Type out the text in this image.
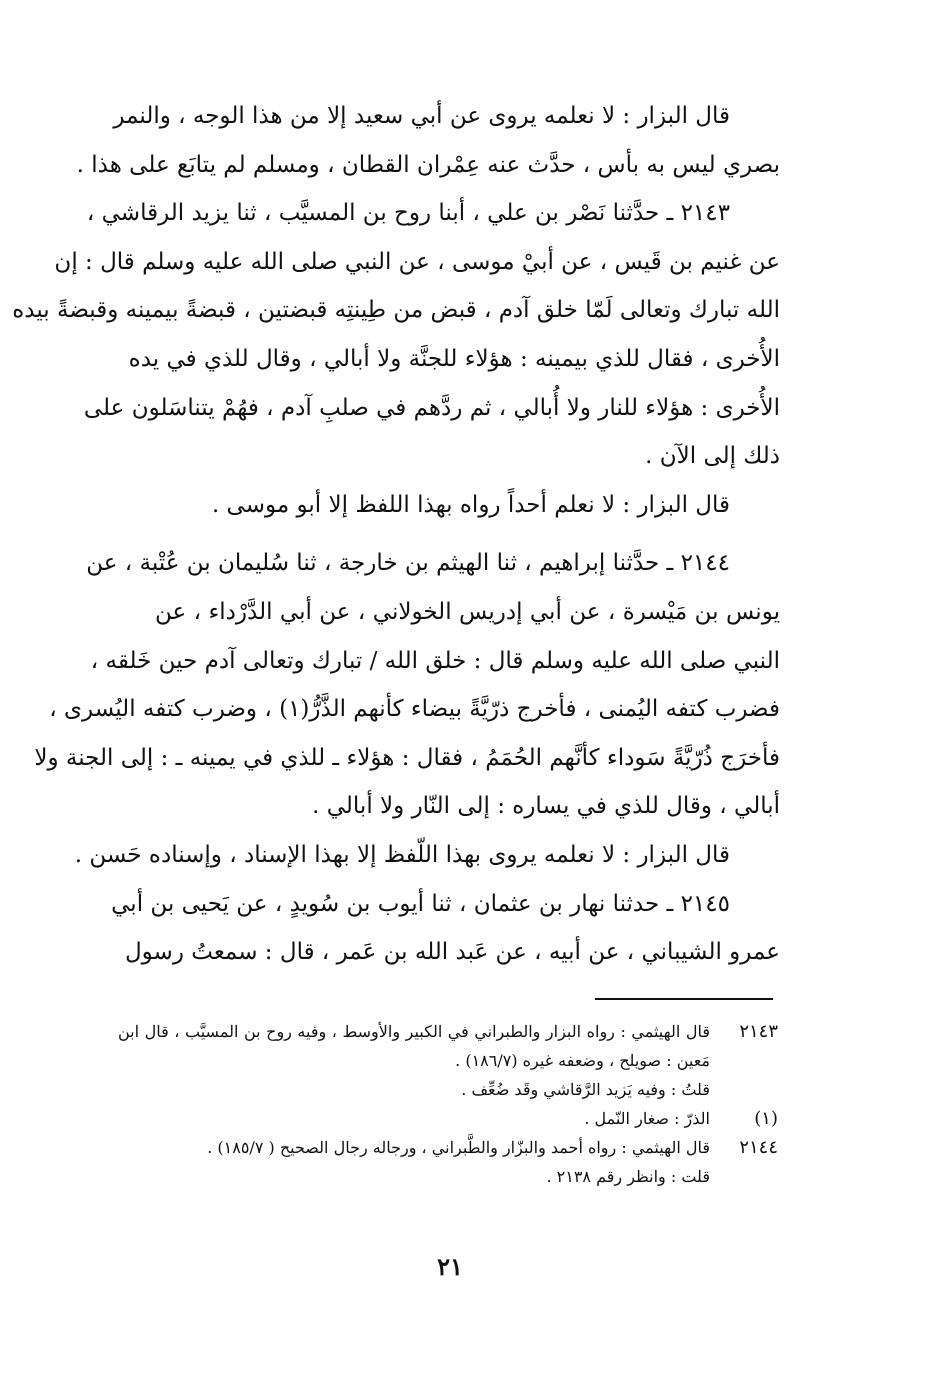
قال البزار : لا نعلمه يروى عن أبي سعيد إلا من هذا الوجه ، والنمر
بصري ليس به بأس ، حدَّث عنه عِمْران القطان ، ومسلم لم يتابَع على هذا .
٢١٤٣ ـ حدَّثنا نَصْر بن علي ، أبنا روح بن المسيَّب ، ثنا يزيد الرقاشي ،
عن غنيم بن قَيس ، عن أبيْ موسى ، عن النبي صلى الله عليه وسلم قال : إن
الله تبارك وتعالى لَمّا خلق آدم ، قبض من طِينتِه قبضتين ، قبضةً بيمينه وقبضةً بيده
الأُخرى ، فقال للذي بيمينه : هؤلاء للجنَّة ولا أبالي ، وقال للذي في يده
الأُخرى : هؤلاء للنار ولا أُبالي ، ثم ردَّهم في صلبِ آدم ، فهُمْ يتناسَلون على
ذلك إلى الآن .
قال البزار : لا نعلم أحداً رواه بهذا اللفظ إلا أبو موسى .
٢١٤٤ ـ حدَّثنا إبراهيم ، ثنا الهيثم بن خارجة ، ثنا سُليمان بن عُتْبة ، عن
يونس بن مَيْسرة ، عن أبي إدريس الخولاني ، عن أبي الدَّرْداء ، عن
النبي صلى الله عليه وسلم قال : خلق الله / تبارك وتعالى آدم حين خَلقه ،
فضرب كتفه اليُمنى ، فأخرج ذرّيَّةً بيضاء كأنهم الذَّرُّ(١) ، وضرب كتفه اليُسرى ،
فأخرَج ذُرّيَّةً سَوداء كأنَّهم الحُمَمُ ، فقال : هؤلاء ـ للذي في يمينه ـ : إلى الجنة ولا
أبالي ، وقال للذي في يساره : إلى النّار ولا أبالي .
قال البزار : لا نعلمه يروى بهذا اللّفظ إلا بهذا الإسناد ، وإسناده حَسن .
٢١٤٥ ـ حدثنا نهار بن عثمان ، ثنا أيوب بن سُويدٍ ، عن يَحيى بن أبي
عمرو الشيباني ، عن أبيه ، عن عَبد الله بن عَمر ، قال : سمعتُ رسول
٢١٤٣
قال الهيثمي : رواه البزار والطبراني في الكبير والأوسط ، وفيه روح بن المسيَّب ، قال ابن
مَعين : صويلح ، وضعفه غيره (١٨٦/٧) .
قلتُ : وفيه يَزيد الرَّقاشي وقَد ضُعِّف .
(١)
الذرّ : صغار النّمل .
٢١٤٤
قال الهيثمي : رواه أحمد والبزّار والطَّبراني ، ورجاله رجال الصحيح ( ١٨٥/٧) .
قلت : وانظر رقم ٢١٣٨ .
٢١
